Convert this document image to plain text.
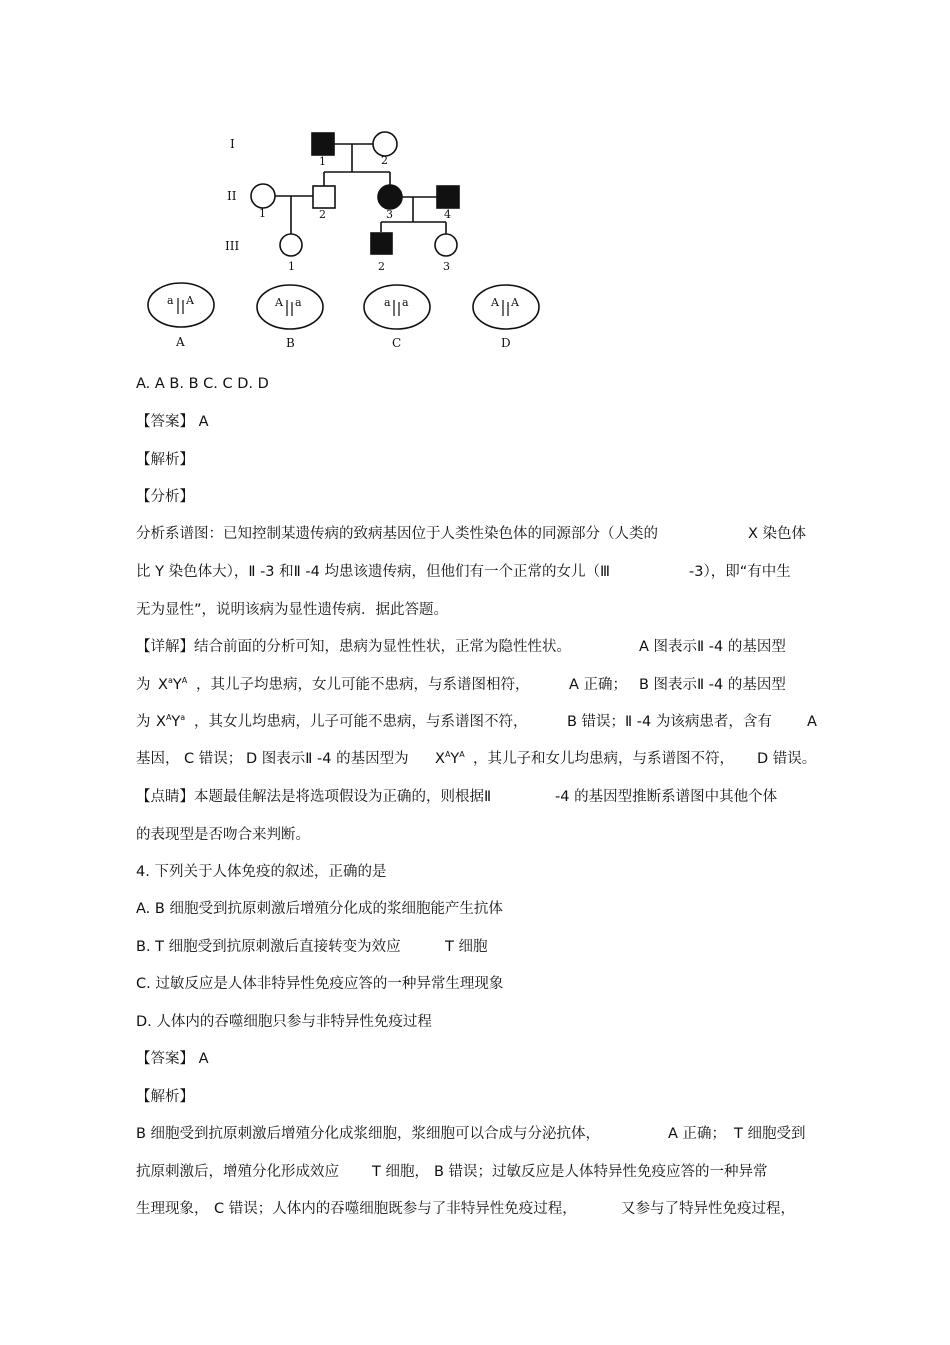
I
II
III
1	2
1	2	3	4
1	2	3
a A	A a	a a	A A
A	B	C	D
A. A B. B C. C D. D
【答案】 A
【解析】
【分析】
分析系谱图：已知控制某遗传病的致病基因位于人类性染色体的同源部分（人类的	X 染色体
比 Y 染色体大），Ⅱ -3 和Ⅱ -4 均患该遗传病，但他们有一个正常的女儿（Ⅲ	-3），即“有中生
无为显性”，说明该病为显性遗传病．据此答题。
【详解】结合前面的分析可知，患病为显性性状，正常为隐性性状。	A 图表示Ⅱ -4 的基因型
为 $X^aY^A$ ，其儿子均患病，女儿可能不患病，与系谱图相符，	A 正确； B 图表示Ⅱ -4 的基因型
为 $X^AY^a$ ，其女儿均患病，儿子可能不患病，与系谱图不符，	B 错误；Ⅱ -4 为该病患者，含有 A
基因， C 错误； D 图表示Ⅱ -4 的基因型为 $X^AY^A$ ，其儿子和女儿均患病，与系谱图不符， D 错误。
【点睛】本题最佳解法是将选项假设为正确的，则根据Ⅱ	-4 的基因型推断系谱图中其他个体
的表现型是否吻合来判断。
4. 下列关于人体免疫的叙述，正确的是
A. B 细胞受到抗原刺激后增殖分化成的浆细胞能产生抗体
B. T 细胞受到抗原刺激后直接转变为效应	T 细胞
C. 过敏反应是人体非特异性免疫应答的一种异常生理现象
D. 人体内的吞噬细胞只参与非特异性免疫过程
【答案】 A
【解析】
B 细胞受到抗原刺激后增殖分化成浆细胞，浆细胞可以合成与分泌抗体，	A 正确； T 细胞受到
抗原刺激后，增殖分化形成效应 T 细胞， B 错误；过敏反应是人体特异性免疫应答的一种异常
生理现象， C 错误；人体内的吞噬细胞既参与了非特异性免疫过程，	又参与了特异性免疫过程，
